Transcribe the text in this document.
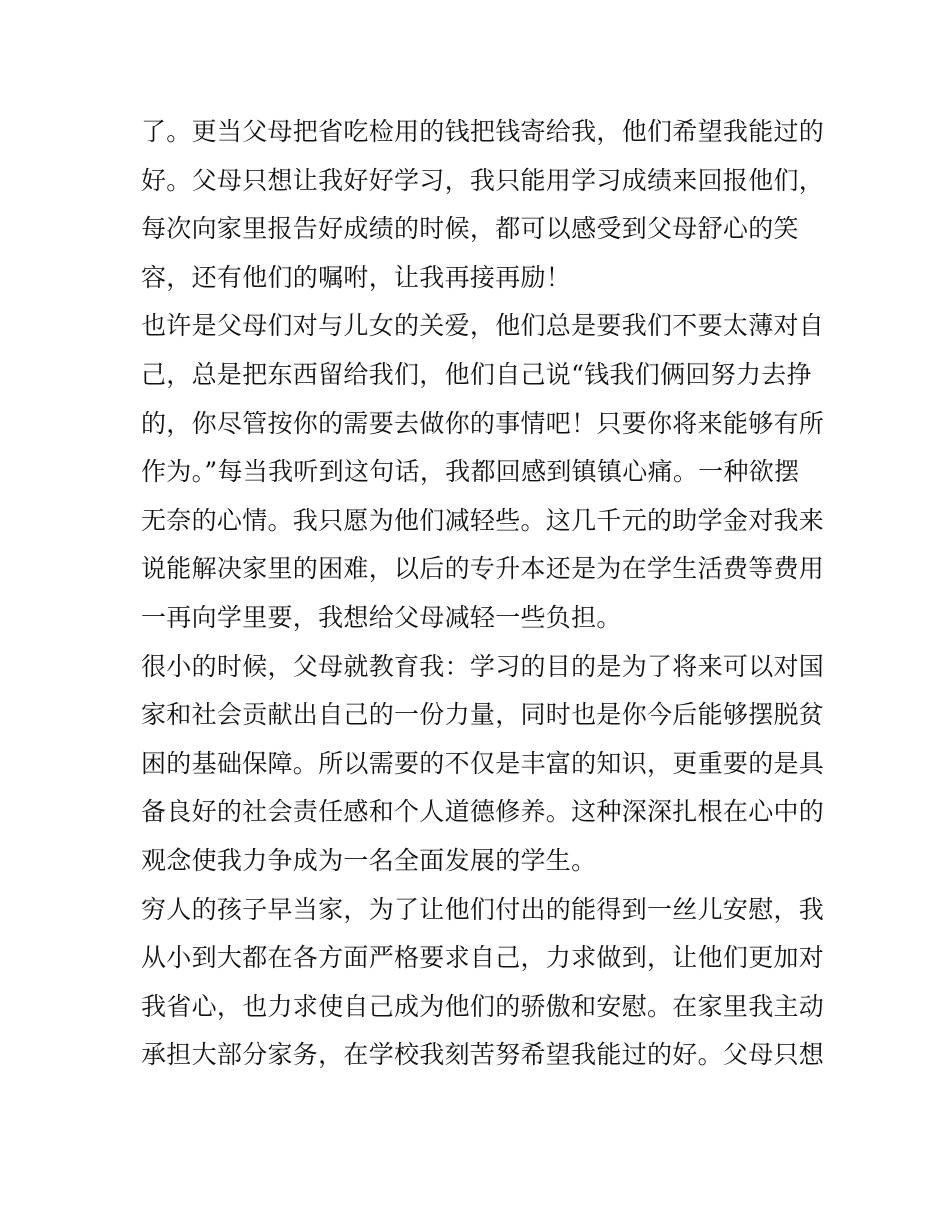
了。更当父母把省吃检用的钱把钱寄给我，他们希望我能过的
好。父母只想让我好好学习，我只能用学习成绩来回报他们，
每次向家里报告好成绩的时候，都可以感受到父母舒心的笑
容，还有他们的嘱咐，让我再接再励！
也许是父母们对与儿女的关爱，他们总是要我们不要太薄对自
己，总是把东西留给我们，他们自己说“钱我们俩回努力去挣
的，你尽管按你的需要去做你的事情吧！只要你将来能够有所
作为。”每当我听到这句话，我都回感到镇镇心痛。一种欲摆
无奈的心情。我只愿为他们减轻些。这几千元的助学金对我来
说能解决家里的困难，以后的专升本还是为在学生活费等费用
一再向学里要，我想给父母减轻一些负担。
很小的时候，父母就教育我：学习的目的是为了将来可以对国
家和社会贡献出自己的一份力量，同时也是你今后能够摆脱贫
困的基础保障。所以需要的不仅是丰富的知识，更重要的是具
备良好的社会责任感和个人道德修养。这种深深扎根在心中的
观念使我力争成为一名全面发展的学生。
穷人的孩子早当家，为了让他们付出的能得到一丝儿安慰，我
从小到大都在各方面严格要求自己，力求做到，让他们更加对
我省心，也力求使自己成为他们的骄傲和安慰。在家里我主动
承担大部分家务，在学校我刻苦努希望我能过的好。父母只想
